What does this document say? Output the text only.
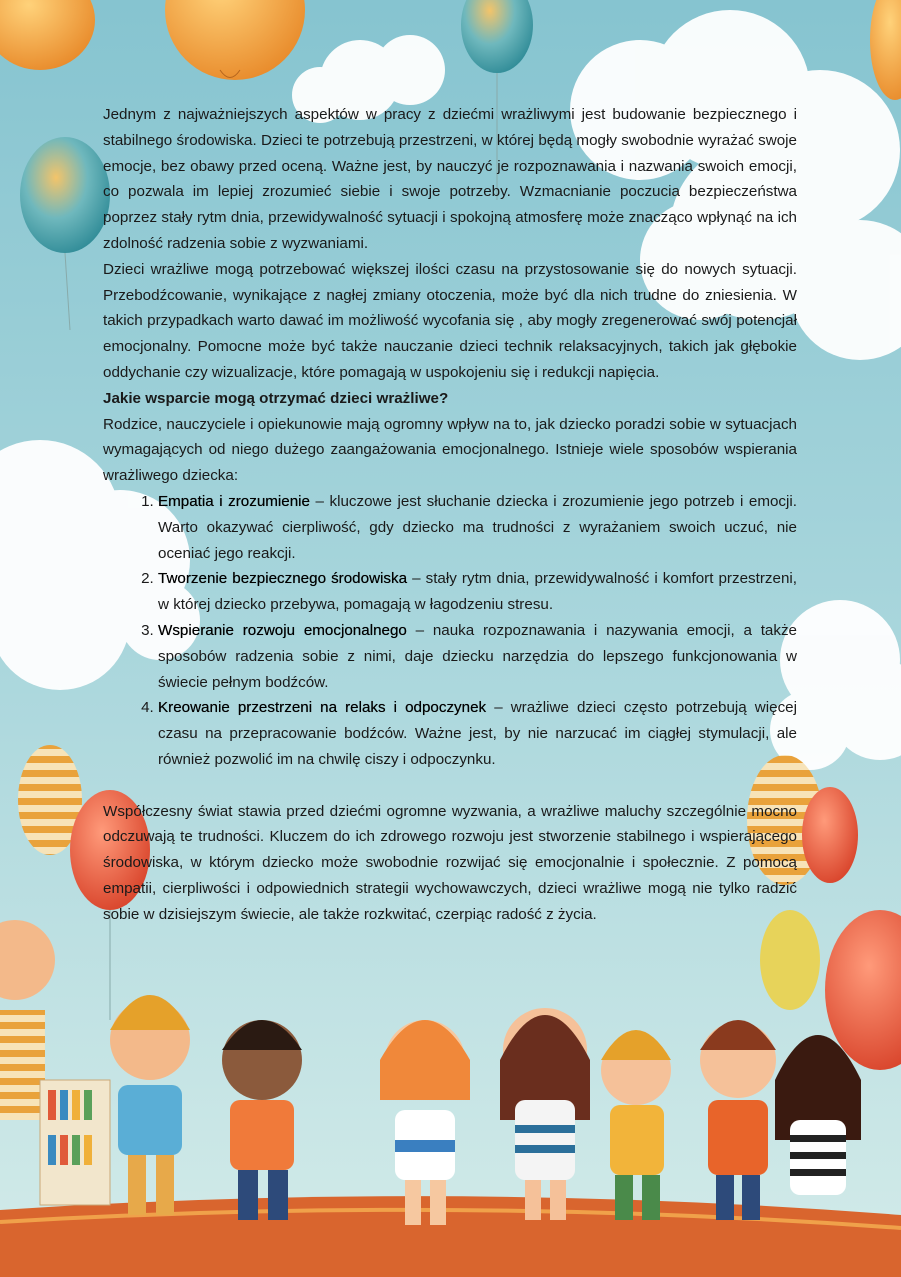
Jednym z najważniejszych aspektów w pracy z dziećmi wrażliwymi jest budowanie bezpiecznego i stabilnego środowiska. Dzieci te potrzebują przestrzeni, w której będą mogły swobodnie wyrażać swoje emocje, bez obawy przed oceną. Ważne jest, by nauczyć je rozpoznawania i nazwania swoich emocji, co pozwala im lepiej zrozumieć siebie i swoje potrzeby. Wzmacnianie poczucia bezpieczeństwa poprzez stały rytm dnia, przewidywalność sytuacji i spokojną atmosferę może znacząco wpłynąć na ich zdolność radzenia sobie z wyzwaniami.

Dzieci wrażliwe mogą potrzebować większej ilości czasu na przystosowanie się do nowych sytuacji. Przebodźcowanie, wynikające z nagłej zmiany otoczenia, może być dla nich trudne do zniesienia. W takich przypadkach warto dawać im możliwość wycofania się , aby mogły zregenerować swój potencjał emocjonalny. Pomocne może być także nauczanie dzieci technik relaksacyjnych, takich jak głębokie oddychanie czy wizualizacje, które pomagają w uspokojeniu się i redukcji napięcia.

Jakie wsparcie mogą otrzymać dzieci wrażliwe?

Rodzice, nauczyciele i opiekunowie mają ogromny wpływ na to, jak dziecko poradzi sobie w sytuacjach wymagających od niego dużego zaangażowania emocjonalnego. Istnieje wiele sposobów wspierania wrażliwego dziecka:

1. Empatia i zrozumienie – kluczowe jest słuchanie dziecka i zrozumienie jego potrzeb i emocji. Warto okazywać cierpliwość, gdy dziecko ma trudności z wyrażaniem swoich uczuć, nie oceniać jego reakcji.
2. Tworzenie bezpiecznego środowiska – stały rytm dnia, przewidywalność i komfort przestrzeni, w której dziecko przebywa, pomagają w łagodzeniu stresu.
3. Wspieranie rozwoju emocjonalnego – nauka rozpoznawania i nazywania emocji, a także sposobów radzenia sobie z nimi, daje dziecku narzędzia do lepszego funkcjonowania w świecie pełnym bodźców.
4. Kreowanie przestrzeni na relaks i odpoczynek – wrażliwe dzieci często potrzebują więcej czasu na przepracowanie bodźców. Ważne jest, by nie narzucać im ciągłej stymulacji, ale również pozwolić im na chwilę ciszy i odpoczynku.

Współczesny świat stawia przed dziećmi ogromne wyzwania, a wrażliwe maluchy szczególnie mocno odczuwają te trudności. Kluczem do ich zdrowego rozwoju jest stworzenie stabilnego i wspierającego środowiska, w którym dziecko może swobodnie rozwijać się emocjonalnie i społecznie. Z pomocą empatii, cierpliwości i odpowiednich strategii wychowawczych, dzieci wrażliwe mogą nie tylko radzić sobie w dzisiejszym świecie, ale także rozkwitać, czerpiąc radość z życia.
